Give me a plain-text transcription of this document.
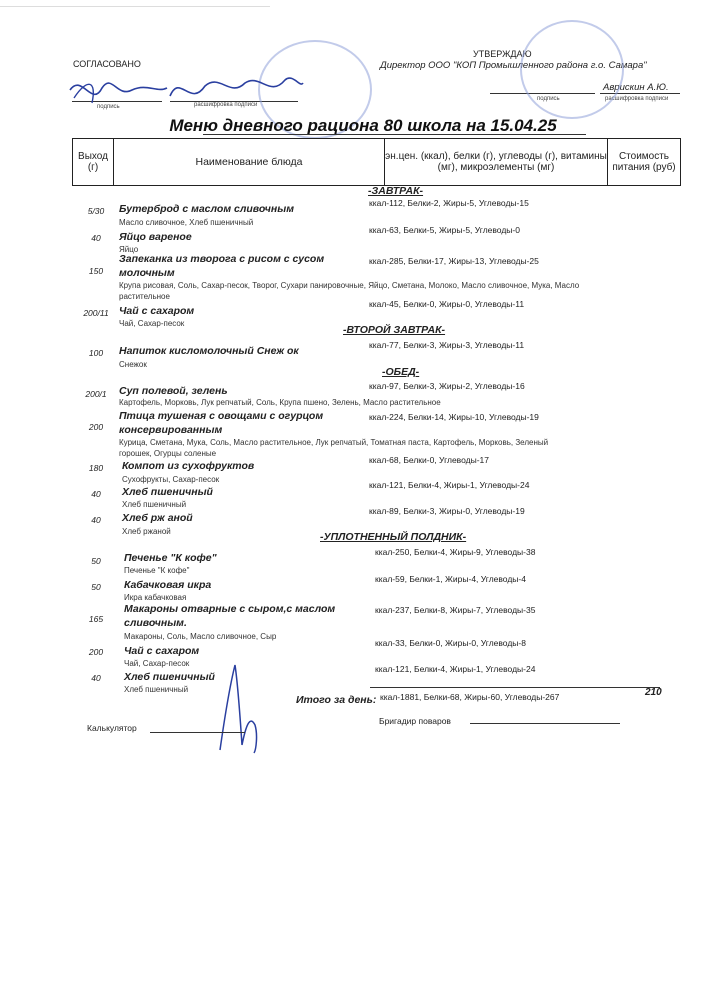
СОГЛАСОВАНО
УТВЕРЖДАЮ
Директор ООО "КОП Промышленного района г.о. Самара"
подпись	расшифровка подписи
Аврискин А.Ю.
подпись	расшифровка подписи
Меню дневного рациона 80 школа на 15.04.25
Выход (г)	Наименование блюда	эн.цен. (ккал), белки (г), углеводы (г), витамины (мг), микроэлементы (мг)	Стоимость питания (руб)
-ЗАВТРАК-
5/30	Бутерброд с маслом сливочным
Масло сливочное, Хлеб пшеничный
ккал-112, Белки-2, Жиры-5, Углеводы-15
40	Яйцо вареное
Яйцо
ккал-63, Белки-5, Жиры-5, Углеводы-0
150
Запеканка из творога с рисом с сусом
молочным
Крупа рисовая, Соль, Сахар-песок, Творог, Сухари панировочные, Яйцо, Сметана, Молоко, Масло сливочное, Мука, Масло
растительное
ккал-285, Белки-17, Жиры-13, Углеводы-25
200/11 Чай с сахаром
Чай, Сахар-песок
ккал-45, Белки-0, Жиры-0, Углеводы-11
-ВТОРОЙ ЗАВТРАК-
100	Напиток кисломолочный Снеж ок
Снежок
ккал-77, Белки-3, Жиры-3, Углеводы-11
-ОБЕД-
200/1	Суп полевой, зелень
Картофель, Морковь, Лук репчатый, Соль, Крупа пшено, Зелень, Масло растительное
ккал-97, Белки-3, Жиры-2, Углеводы-16
200
Птица тушеная с овощами с огурцом
консервированным
Курица, Сметана, Мука, Соль, Масло растительное, Лук репчатый, Томатная паста, Картофель, Морковь, Зеленый
горошек, Огурцы соленые
ккал-224, Белки-14, Жиры-10, Углеводы-19
180	Компот из сухофруктов
Сухофрукты, Сахар-песок
ккал-68, Белки-0, Углеводы-17
40	Хлеб пшеничный
Хлеб пшеничный
ккал-121, Белки-4, Жиры-1, Углеводы-24
40	Хлеб рж аной
Хлеб ржаной
ккал-89, Белки-3, Жиры-0, Углеводы-19
-УПЛОТНЕННЫЙ ПОЛДНИК-
50	Печенье "К кофе"
Печенье "К кофе"
ккал-250, Белки-4, Жиры-9, Углеводы-38
50	Кабачковая икра
Икра кабачковая
ккал-59, Белки-1, Жиры-4, Углеводы-4
165
Макароны отварные с сыром,с маслом
сливочным.
Макароны, Соль, Масло сливочное, Сыр
ккал-237, Белки-8, Жиры-7, Углеводы-35
200	Чай с сахаром
Чай, Сахар-песок
ккал-33, Белки-0, Жиры-0, Углеводы-8
40	Хлеб пшеничный
Хлеб пшеничный
ккал-121, Белки-4, Жиры-1, Углеводы-24
Итого за день: ккал-1881, Белки-68, Жиры-60, Углеводы-267	210
Калькулятор
Бригадир поваров
